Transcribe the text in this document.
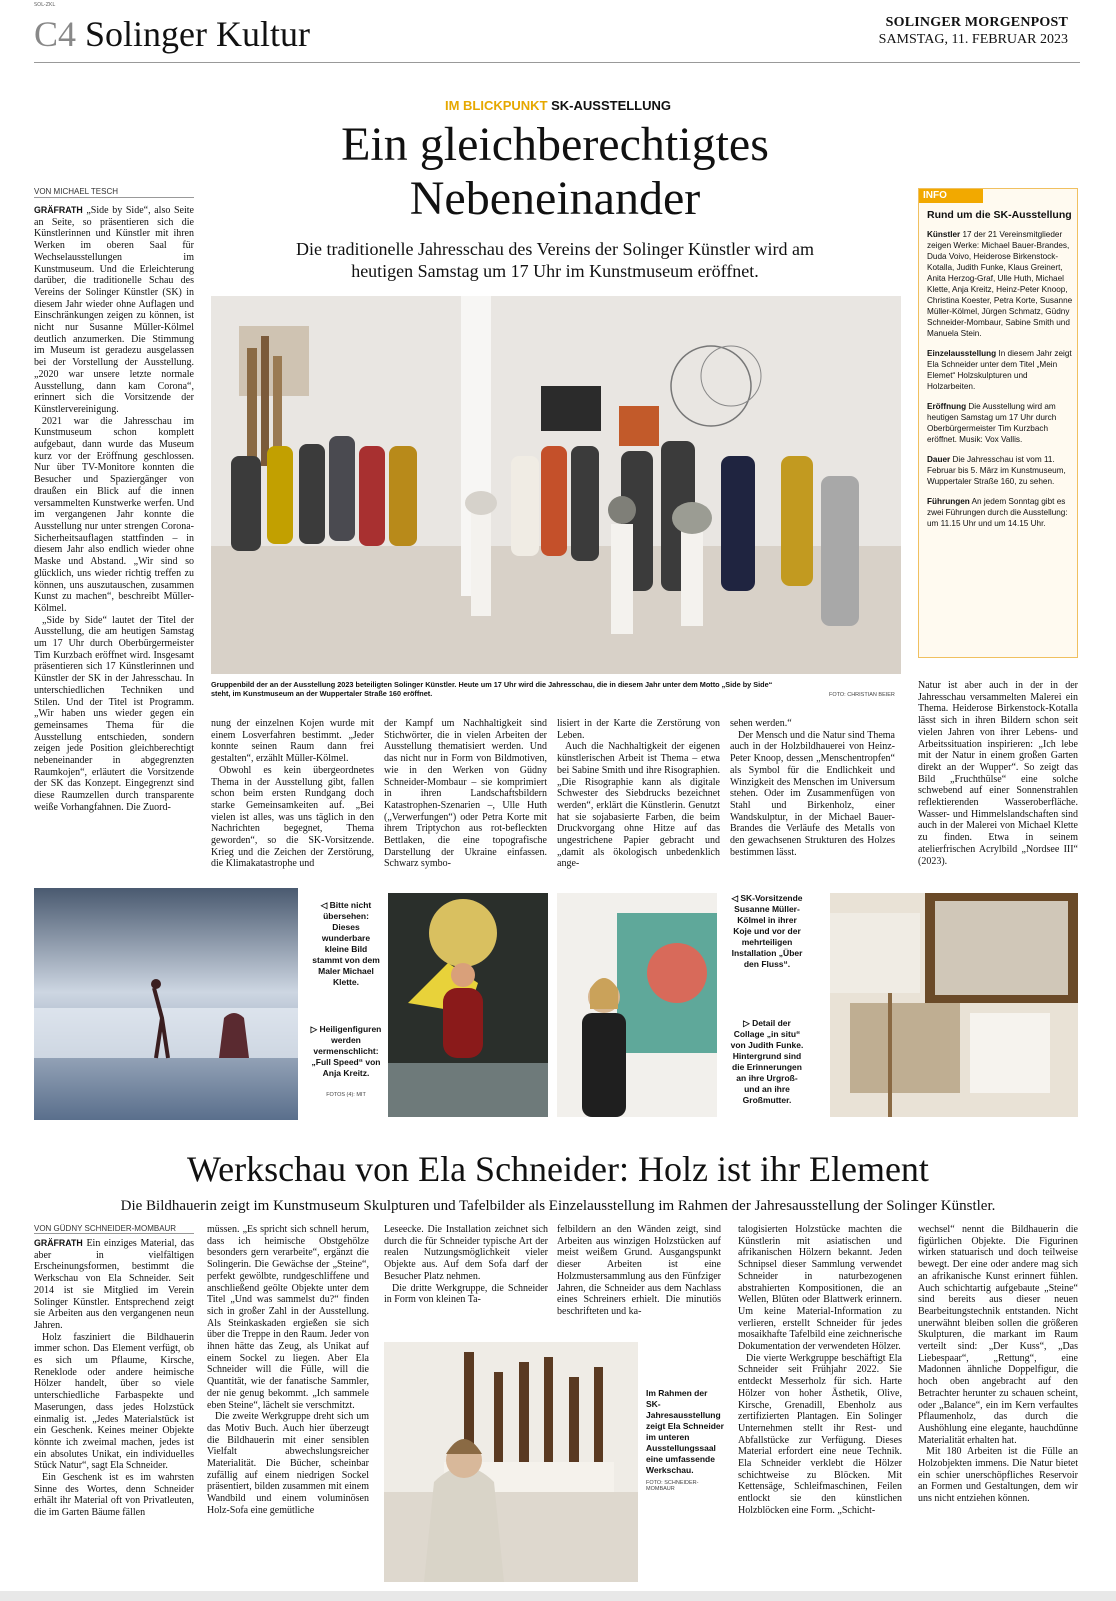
SOL-ZKL
C4 Solinger Kultur	SOLINGER MORGENPOST
SAMSTAG, 11. FEBRUAR 2023
IM BLICKPUNKT SK-AUSSTELLUNG
Ein gleichberechtigtes Nebeneinander
Die traditionelle Jahresschau des Vereins der Solinger Künstler wird am heutigen Samstag um 17 Uhr im Kunstmuseum eröffnet.
VON MICHAEL TESCH

GRÄFRATH „Side by Side“, also Seite an Seite, so präsentieren sich die Künstlerinnen und Künstler mit ihren Werken im oberen Saal für Wechselausstellungen im Kunstmuseum. Und die Erleichterung darüber, die traditionelle Schau des Vereins der Solinger Künstler (SK) in diesem Jahr wieder ohne Auflagen und Einschränkungen zeigen zu können, ist nicht nur Susanne Müller-Kölmel deutlich anzumerken. Die Stimmung im Museum ist geradezu ausgelassen bei der Vorstellung der Ausstellung. „2020 war unsere letzte normale Ausstellung, dann kam Corona“, erinnert sich die Vorsitzende der Künstlervereinigung.

2021 war die Jahresschau im Kunstmuseum schon komplett aufgebaut, dann wurde das Museum kurz vor der Eröffnung geschlossen. Nur über TV-Monitore konnten die Besucher und Spaziergänger von draußen ein Blick auf die innen versammelten Kunstwerke werfen. Und im vergangenen Jahr konnte die Ausstellung nur unter strengen Corona-Sicherheitsauflagen stattfinden – in diesem Jahr also endlich wieder ohne Maske und Abstand. „Wir sind so glücklich, uns wieder richtig treffen zu können, uns auszutauschen, zusammen Kunst zu machen“, beschreibt Müller-Kölmel.

„Side by Side“ lautet der Titel der Ausstellung, die am heutigen Samstag um 17 Uhr durch Oberbürgermeister Tim Kurzbach eröffnet wird. Insgesamt präsentieren sich 17 Künstlerinnen und Künstler der SK in der Jahresschau. In unterschiedlichen Techniken und Stilen. Und der Titel ist Programm. „Wir haben uns wieder gegen ein gemeinsames Thema für die Ausstellung entschieden, sondern zeigen jede Position gleichberechtigt nebeneinander in abgegrenzten Raumkojen“, erläutert die Vorsitzende der SK das Konzept. Eingegrenzt sind diese Raumzellen durch transparente weiße Vorhangfahnen. Die Zuord-

Gruppenbild der an der Ausstellung 2023 beteiligten Solinger Künstler. Heute um 17 Uhr wird die Jahresschau, die in diesem Jahr unter dem Motto „Side by Side“ steht, im Kunstmuseum an der Wuppertaler Straße 160 eröffnet.	FOTO: CHRISTIAN BEIER
INFO
Rund um die SK-Ausstellung
Künstler 17 der 21 Vereinsmitglieder zeigen Werke: Michael Bauer-Brandes, Duda Voivo, Heiderose Birkenstock-Kotalla, Judith Funke, Klaus Greinert, Anita Herzog-Graf, Ulle Huth, Michael Klette, Anja Kreitz, Heinz-Peter Knoop, Christina Koester, Petra Korte, Susanne Müller-Kölmel, Jürgen Schmatz, Güdny Schneider-Mombaur, Sabine Smith und Manuela Stein.
Einzelausstellung In diesem Jahr zeigt Ela Schneider unter dem Titel „Mein Elemet“ Holzskulpturen und Holzarbeiten.
Eröffnung Die Ausstellung wird am heutigen Samstag um 17 Uhr durch Oberbürgermeister Tim Kurzbach eröffnet. Musik: Vox Vallis.
Dauer Die Jahresschau ist vom 11. Februar bis 5. März im Kunstmuseum, Wuppertaler Straße 160, zu sehen.
Führungen An jedem Sonntag gibt es zwei Führungen durch die Ausstellung: um 11.15 Uhr und um 14.15 Uhr.

nung der einzelnen Kojen wurde mit einem Losverfahren bestimmt. „Jeder konnte seinen Raum dann frei gestalten“, erzählt Müller-Kölmel.

Obwohl es kein übergeordnetes Thema in der Ausstellung gibt, fallen schon beim ersten Rundgang doch starke Gemeinsamkeiten auf. „Bei vielen ist alles, was uns täglich in den Nachrichten begegnet, Thema geworden“, so die SK-Vorsitzende. Krieg und die Zeichen der Zerstörung, die Klimakatastrophe und

der Kampf um Nachhaltigkeit sind Stichwörter, die in vielen Arbeiten der Ausstellung thematisiert werden. Und das nicht nur in Form von Bildmotiven, wie in den Werken von Güdny Schneider-Mombaur – sie komprimiert in ihren Landschaftsbildern Katastrophen-Szenarien –, Ulle Huth („Verwerfungen“) oder Petra Korte mit ihrem Triptychon aus rot-befleckten Bettlaken, die eine topografische Darstellung der Ukraine einfassen. Schwarz symbo-

lisiert in der Karte die Zerstörung von Leben.

Auch die Nachhaltigkeit der eigenen künstlerischen Arbeit ist Thema – etwa bei Sabine Smith und ihre Risographien. „Die Risographie kann als digitale Schwester des Siebdrucks bezeichnet werden“, erklärt die Künstlerin. Genutzt hat sie sojabasierte Farben, die beim Druckvorgang ohne Hitze auf das ungestrichene Papier gebracht und „damit als ökologisch unbedenklich ange-

sehen werden.“

Der Mensch und die Natur sind Thema auch in der Holzbildhauerei von Heinz-Peter Knoop, dessen „Menschentropfen“ als Symbol für die Endlichkeit und Winzigkeit des Menschen im Universum stehen. Oder im Zusammenfügen von Stahl und Birkenholz, einer Wandskulptur, in der Michael Bauer-Brandes die Verläufe des Metalls von den gewachsenen Strukturen des Holzes bestimmen lässt.

Natur ist aber auch in der in der Jahresschau versammelten Malerei ein Thema. Heiderose Birkenstock-Kotalla lässt sich in ihren Bildern schon seit vielen Jahren von ihrer Lebens- und Arbeitssituation inspirieren: „Ich lebe mit der Natur in einem großen Garten direkt an der Wupper“. So zeigt das Bild „Fruchthülse“ eine solche schwebend auf einer Sonnenstrahlen reflektierenden Wasseroberfläche. Wasser- und Himmelslandschaften sind auch in der Malerei von Michael Klette zu finden. Etwa in seinem atelierfrischen Acrylbild „Nordsee III“ (2023).

◁ Bitte nicht übersehen: Dieses wunderbare kleine Bild stammt von dem Maler Michael Klette.
▷ Heiligenfiguren werden vermenschlicht: „Full Speed“ von Anja Kreitz.
FOTOS (4): MIT
◁ SK-Vorsitzende Susanne Müller-Kölmel in ihrer Koje und vor der mehrteiligen Installation „Über den Fluss“.
▷ Detail der Collage „in situ“ von Judith Funke. Hintergrund sind die Erinnerungen an ihre Urgroß- und an ihre Großmutter.
Werkschau von Ela Schneider: Holz ist ihr Element
Die Bildhauerin zeigt im Kunstmuseum Skulpturen und Tafelbilder als Einzelausstellung im Rahmen der Jahresausstellung der Solinger Künstler.
VON GÜDNY SCHNEIDER-MOMBAUR

GRÄFRATH Ein einziges Material, das aber in vielfältigen Erscheinungsformen, bestimmt die Werkschau von Ela Schneider. Seit 2014 ist sie Mitglied im Verein Solinger Künstler. Entsprechend zeigt sie Arbeiten aus den vergangenen neun Jahren.

Holz fasziniert die Bildhauerin immer schon. Das Element verfügt, ob es sich um Pflaume, Kirsche, Reneklode oder andere heimische Hölzer handelt, über so viele unterschiedliche Farbaspekte und Maserungen, dass jedes Holzstück einmalig ist. „Jedes Materialstück ist ein Geschenk. Keines meiner Objekte könnte ich zweimal machen, jedes ist ein absolutes Unikat, ein individuelles Stück Natur“, sagt Ela Schneider.

Ein Geschenk ist es im wahrsten Sinne des Wortes, denn Schneider erhält ihr Material oft von Privatleuten, die im Garten Bäume fällen

müssen. „Es spricht sich schnell herum, dass ich heimische Obstgehölze besonders gern verarbeite“, ergänzt die Solingerin. Die Gewächse der „Steine“, perfekt gewölbte, rundgeschliffene und anschließend geölte Objekte unter dem Titel „Und was sammelst du?“ finden sich in großer Zahl in der Ausstellung. Als Steinkaskaden ergießen sie sich über die Treppe in den Raum. Jeder von ihnen hätte das Zeug, als Unikat auf einem Sockel zu liegen. Aber Ela Schneider will die Fülle, will die Quantität, wie der fanatische Sammler, der nie genug bekommt. „Ich sammele eben Steine“, lächelt sie verschmitzt.

Die zweite Werkgruppe dreht sich um das Motiv Buch. Auch hier überzeugt die Bildhauerin mit einer sensiblen Vielfalt abwechslungsreicher Materialität. Die Bücher, scheinbar zufällig auf einem niedrigen Sockel präsentiert, bilden zusammen mit einem Wandbild und einem voluminösen Holz-Sofa eine gemütliche

Leseecke. Die Installation zeichnet sich durch die für Schneider typische Art der realen Nutzungsmöglichkeit vieler Objekte aus. Auf dem Sofa darf der Besucher Platz nehmen.

Die dritte Werkgruppe, die Schneider in Form von kleinen Ta-

felbildern an den Wänden zeigt, sind Arbeiten aus winzigen Holzstücken auf meist weißem Grund. Ausgangspunkt dieser Arbeiten ist eine Holzmustersammlung aus den Fünfziger Jahren, die Schneider aus dem Nachlass eines Schreiners erhielt. Die minutiös beschrifteten und ka-

Im Rahmen der SK-Jahresausstellung zeigt Ela Schneider im unteren Ausstellungssaal eine umfassende Werkschau.
FOTO: SCHNEIDER-MOMBAUR

talogisierten Holzstücke machten die Künstlerin mit asiatischen und afrikanischen Hölzern bekannt. Jeden Schnipsel dieser Sammlung verwendet Schneider in naturbezogenen abstrahierten Kompositionen, die an Wellen, Blüten oder Blattwerk erinnern. Um keine Material-Information zu verlieren, erstellt Schneider für jedes mosaikhafte Tafelbild eine zeichnerische Dokumentation der verwendeten Hölzer.

Die vierte Werkgruppe beschäftigt Ela Schneider seit Frühjahr 2022. Sie entdeckt Messerholz für sich. Harte Hölzer von hoher Ästhetik, Olive, Kirsche, Grenadill, Ebenholz aus zertifizierten Plantagen. Ein Solinger Unternehmen stellt ihr Rest- und Abfallstücke zur Verfügung. Dieses Material erfordert eine neue Technik. Ela Schneider verklebt die Hölzer schichtweise zu Blöcken. Mit Kettensäge, Schleifmaschinen, Feilen entlockt sie den künstlichen Holzblöcken eine Form. „Schicht-

wechsel“ nennt die Bildhauerin die figürlichen Objekte. Die Figurinen wirken statuarisch und doch teilweise bewegt. Der eine oder andere mag sich an afrikanische Kunst erinnert fühlen. Auch schichtartig aufgebaute „Steine“ sind bereits aus dieser neuen Bearbeitungstechnik entstanden. Nicht unerwähnt bleiben sollen die größeren Skulpturen, die markant im Raum verteilt sind: „Der Kuss“, „Das Liebespaar“, „Rettung“, eine Madonnen ähnliche Doppelfigur, die hoch oben angebracht auf den Betrachter herunter zu schauen scheint, oder „Balance“, ein im Kern verfaultes Pflaumenholz, das durch die Aushöhlung eine elegante, hauchdünne Materialität erhalten hat.

Mit 180 Arbeiten ist die Fülle an Holzobjekten immens. Die Natur bietet ein schier unerschöpfliches Reservoir an Formen und Gestaltungen, dem wir uns nicht entziehen können.
